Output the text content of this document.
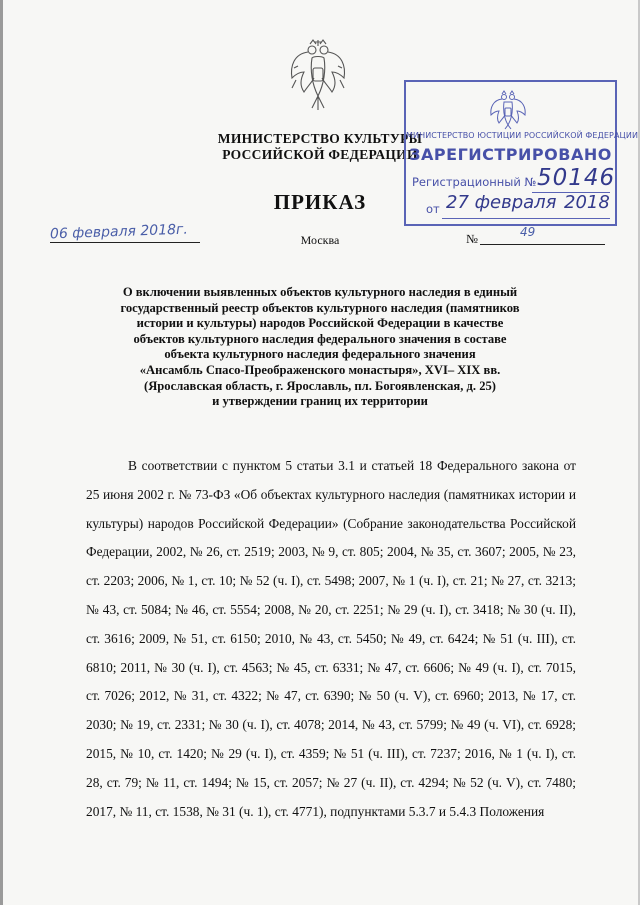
МИНИСТЕРСТВО КУЛЬТУРЫ
РОССИЙСКОЙ ФЕДЕРАЦИИ
ПРИКАЗ
06 февраля 2018г.	Москва	№	49
МИНИСТЕРСТВО ЮСТИЦИИ РОССИЙСКОЙ ФЕДЕРАЦИИ
ЗАРЕГИСТРИРОВАНО
Регистрационный № 50146
от 27 февраля 2018
О включении выявленных объектов культурного наследия в единый
государственный реестр объектов культурного наследия (памятников
истории и культуры) народов Российской Федерации в качестве
объектов культурного наследия федерального значения в составе
объекта культурного наследия федерального значения
«Ансамбль Спасо-Преображенского монастыря», XVI– XIX вв.
(Ярославская область, г. Ярославль, пл. Богоявленская, д. 25)
и утверждении границ их территории

В соответствии с пунктом 5 статьи 3.1 и статьей 18 Федерального закона от 25 июня 2002 г. № 73-ФЗ «Об объектах культурного наследия (памятниках истории и культуры) народов Российской Федерации» (Собрание законодательства Российской Федерации, 2002, № 26, ст. 2519; 2003, № 9, ст. 805; 2004, № 35, ст. 3607; 2005, № 23, ст. 2203; 2006, № 1, ст. 10; № 52 (ч. I), ст. 5498; 2007, № 1 (ч. I), ст. 21; № 27, ст. 3213; № 43, ст. 5084; № 46, ст. 5554; 2008, № 20, ст. 2251; № 29 (ч. I), ст. 3418; № 30 (ч. II), ст. 3616; 2009, № 51, ст. 6150; 2010, № 43, ст. 5450; № 49, ст. 6424; № 51 (ч. III), ст. 6810; 2011, № 30 (ч. I), ст. 4563; № 45, ст. 6331; № 47, ст. 6606; № 49 (ч. I), ст. 7015, ст. 7026; 2012, № 31, ст. 4322; № 47, ст. 6390; № 50 (ч. V), ст. 6960; 2013, № 17, ст. 2030; № 19, ст. 2331; № 30 (ч. I), ст. 4078; 2014, № 43, ст. 5799; № 49 (ч. VI), ст. 6928; 2015, № 10, ст. 1420; № 29 (ч. I), ст. 4359; № 51 (ч. III), ст. 7237; 2016, № 1 (ч. I), ст. 28, ст. 79; № 11, ст. 1494; № 15, ст. 2057; № 27 (ч. II), ст. 4294; № 52 (ч. V), ст. 7480; 2017, № 11, ст. 1538, № 31 (ч. 1), ст. 4771), подпунктами 5.3.7 и 5.4.3 Положения
